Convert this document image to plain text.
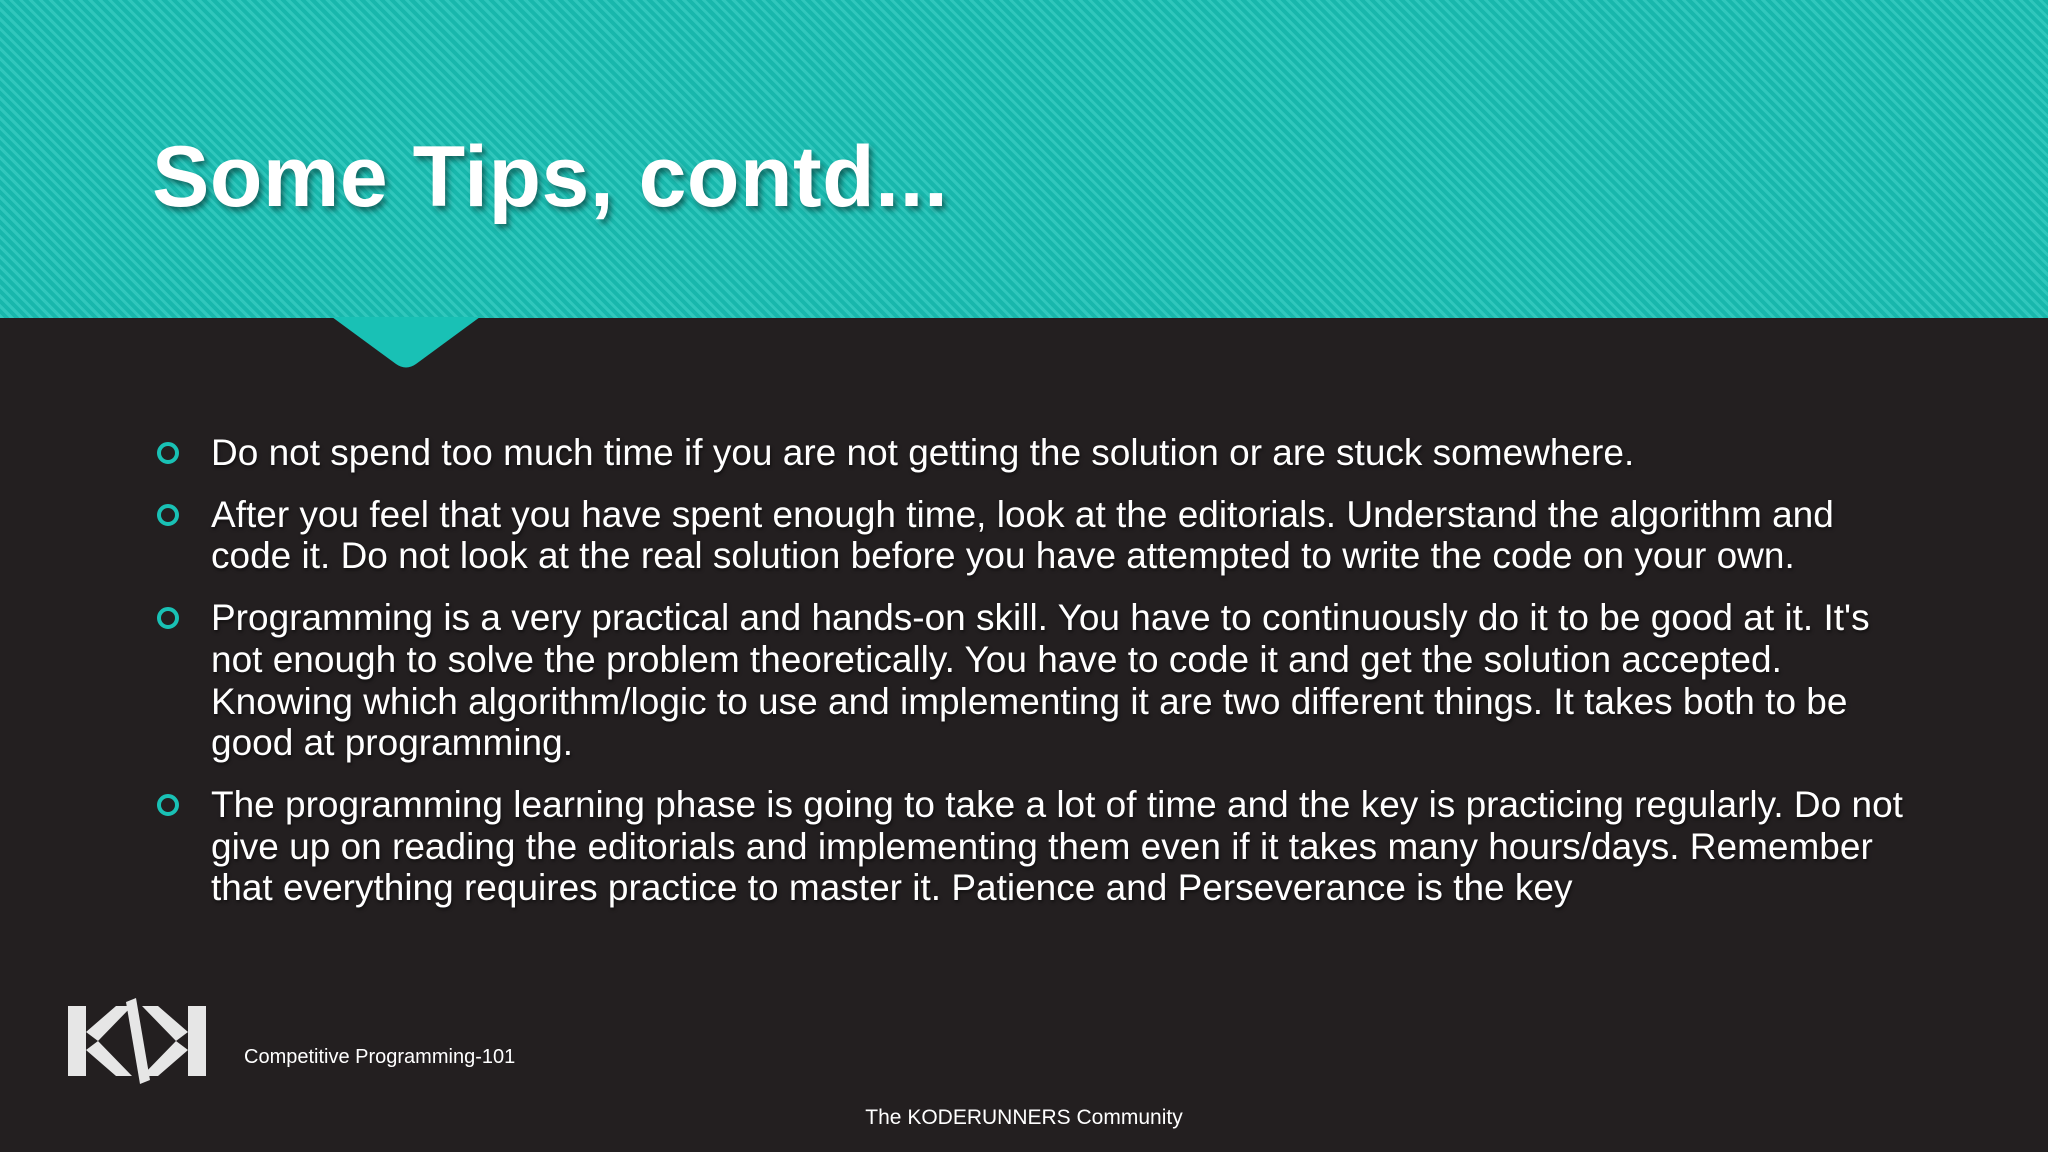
Some Tips, contd...
Do not spend too much time if you are not getting the solution or are stuck somewhere.
After you feel that you have spent enough time, look at the editorials. Understand the algorithm and code it. Do not look at the real solution before you have attempted to write the code on your own.
Programming is a very practical and hands-on skill. You have to continuously do it to be good at it. It's not enough to solve the problem theoretically. You have to code it and get the solution accepted. Knowing which algorithm/logic to use and implementing it are two different things. It takes both to be good at programming.
The programming learning phase is going to take a lot of time and the key is practicing regularly. Do not give up on reading the editorials and implementing them even if it takes many hours/days. Remember that everything requires practice to master it. Patience and Perseverance is the key
Competitive Programming-101
The KODERUNNERS Community
